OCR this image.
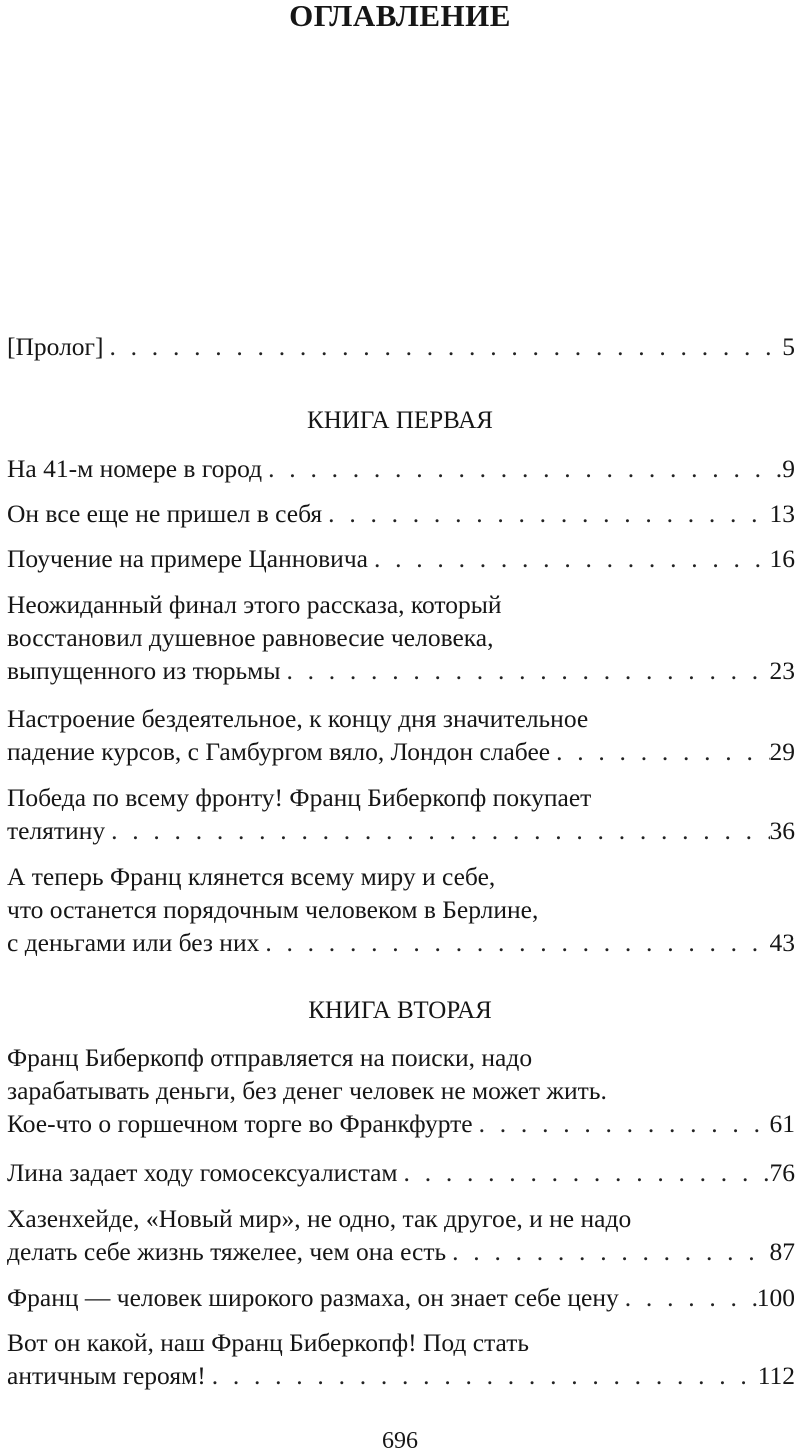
ОГЛАВЛЕНИЕ
[Пролог] . . .	5
КНИГА ПЕРВАЯ
На 41-м номере в город . . .	9
Он все еще не пришел в себя . . .	13
Поучение на примере Цанновича . . .	16
Неожиданный финал этого рассказа, который
восстановил душевное равновесие человека,
выпущенного из тюрьмы . . .	23
Настроение бездеятельное, к концу дня значительное
падение курсов, с Гамбургом вяло, Лондон слабее . . .	29
Победа по всему фронту! Франц Биберкопф покупает
телятину . . .	36
А теперь Франц клянется всему миру и себе,
что останется порядочным человеком в Берлине,
с деньгами или без них . . .	43
КНИГА ВТОРАЯ
Франц Биберкопф отправляется на поиски, надо
зарабатывать деньги, без денег человек не может жить.
Кое-что о горшечном торге во Франкфурте . . .	61
Лина задает ходу гомосексуалистам . . .	76
Хазенхейде, «Новый мир», не одно, так другое, и не надо
делать себе жизнь тяжелее, чем она есть . . .	87
Франц — человек широкого размаха, он знает себе цену . . .	100
Вот он какой, наш Франц Биберкопф! Под стать
античным героям! . . .	112
696
